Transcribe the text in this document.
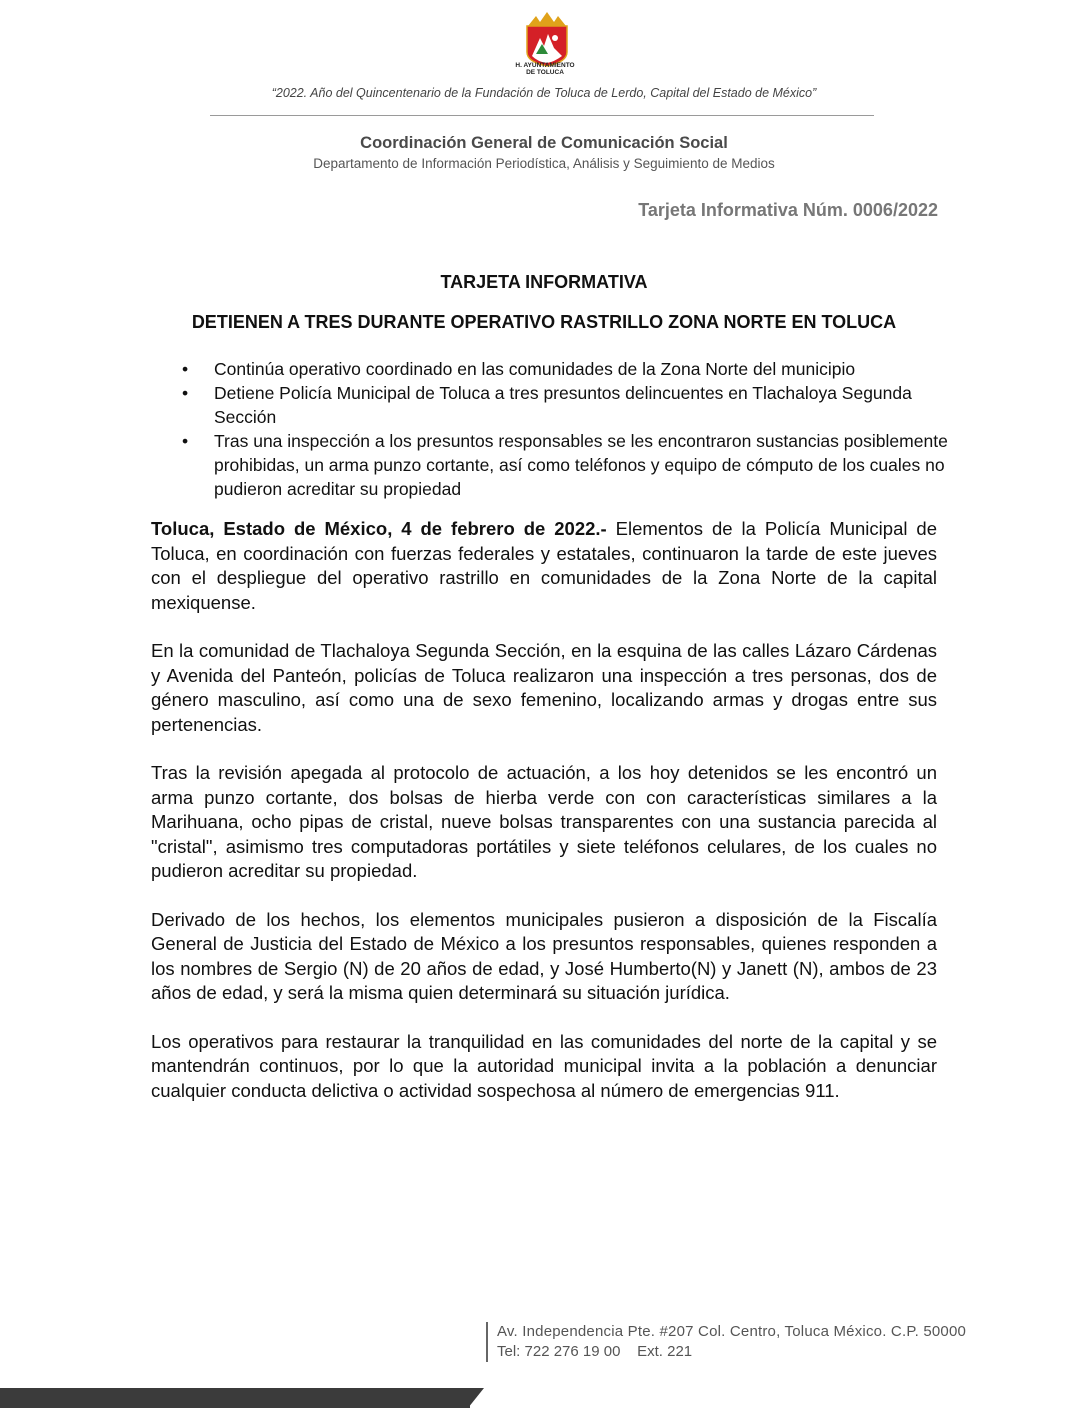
H. AYUNTAMIENTO
DE TOLUCA
“2022. Año del Quincentenario de la Fundación de Toluca de Lerdo, Capital del Estado de México”
Coordinación General de Comunicación Social
Departamento de Información Periodística, Análisis y Seguimiento de Medios
Tarjeta Informativa Núm. 0006/2022
TARJETA INFORMATIVA
DETIENEN A TRES DURANTE OPERATIVO RASTRILLO ZONA NORTE EN TOLUCA
• Continúa operativo coordinado en las comunidades de la Zona Norte del municipio
• Detiene Policía Municipal de Toluca a tres presuntos delincuentes en Tlachaloya Segunda Sección
• Tras una inspección a los presuntos responsables se les encontraron sustancias posiblemente prohibidas, un arma punzo cortante, así como teléfonos y equipo de cómputo de los cuales no pudieron acreditar su propiedad

Toluca, Estado de México, 4 de febrero de 2022.- Elementos de la Policía Municipal de Toluca, en coordinación con fuerzas federales y estatales, continuaron la tarde de este jueves con el despliegue del operativo rastrillo en comunidades de la Zona Norte de la capital mexiquense.

En la comunidad de Tlachaloya Segunda Sección, en la esquina de las calles Lázaro Cárdenas y Avenida del Panteón, policías de Toluca realizaron una inspección a tres personas, dos de género masculino, así como una de sexo femenino, localizando armas y drogas entre sus pertenencias.

Tras la revisión apegada al protocolo de actuación, a los hoy detenidos se les encontró un arma punzo cortante, dos bolsas de hierba verde con con características similares a la Marihuana, ocho pipas de cristal, nueve bolsas transparentes con una sustancia parecida al "cristal", asimismo tres computadoras portátiles y siete teléfonos celulares, de los cuales no pudieron acreditar su propiedad.

Derivado de los hechos, los elementos municipales pusieron a disposición de la Fiscalía General de Justicia del Estado de México a los presuntos responsables, quienes responden a los nombres de Sergio (N) de 20 años de edad, y José Humberto(N) y Janett (N), ambos de 23 años de edad, y será la misma quien determinará su situación jurídica.

Los operativos para restaurar la tranquilidad en las comunidades del norte de la capital y se mantendrán continuos, por lo que la autoridad municipal invita a la población a denunciar cualquier conducta delictiva o actividad sospechosa al número de emergencias 911.

Av. Independencia Pte. #207 Col. Centro, Toluca México. C.P. 50000
Tel: 722 276 19 00    Ext. 221
